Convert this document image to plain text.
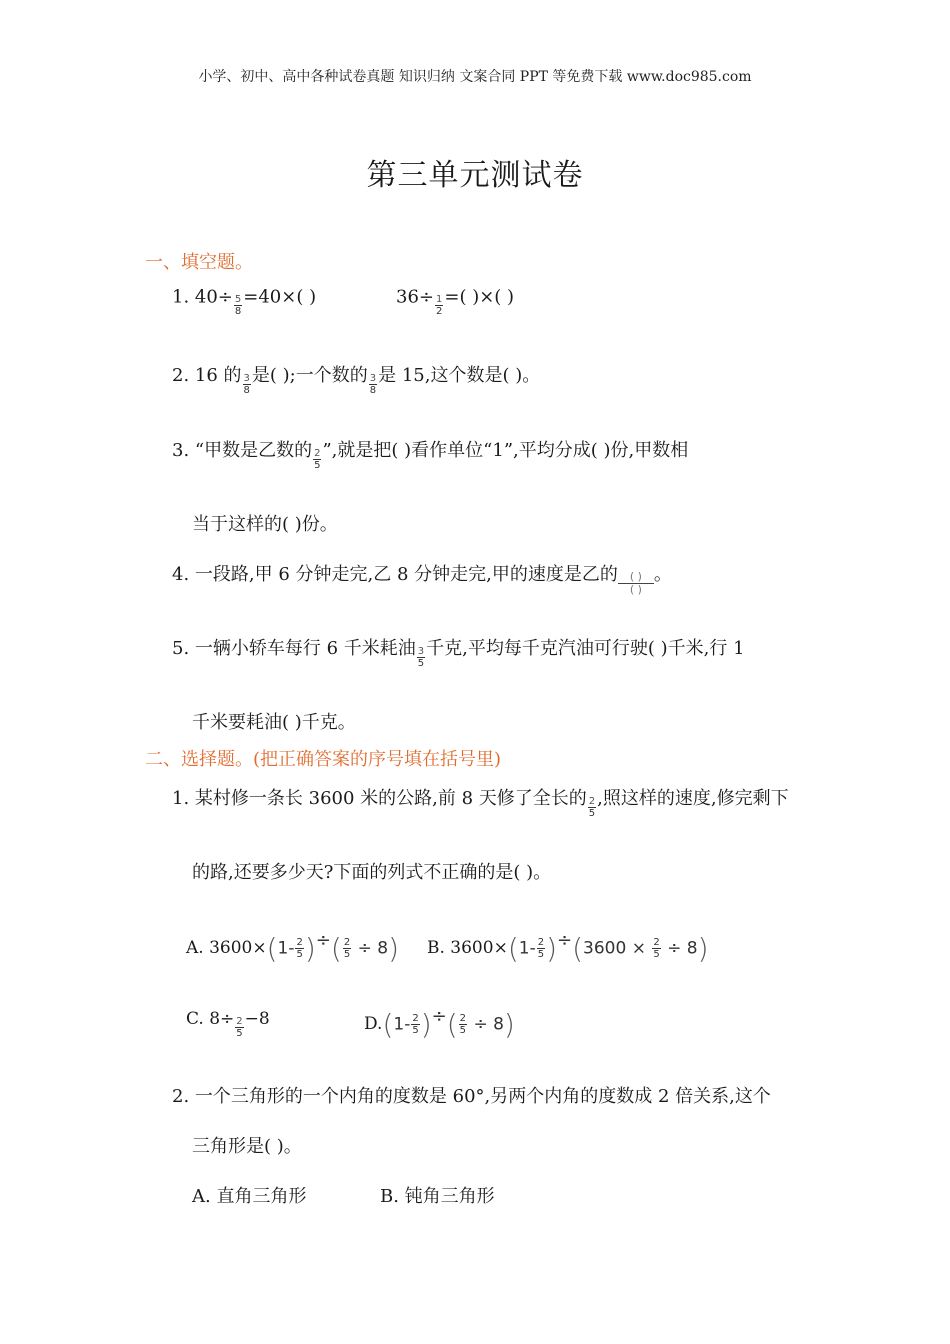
小学、初中、高中各种试卷真题 知识归纳 文案合同 PPT 等免费下载 www.doc985.com
第三单元测试卷
一、填空题。
1. $40\div \frac{5}{8} =40\times$( )	$36\div \frac{1}{2}$ =( )×( )
2. 16 的 $\frac{3}{8}$ 是( );一个数的 $\frac{3}{8}$ 是 15,这个数是( )。
3. “甲数是乙数的 $\frac{2}{5}$ ”,就是把( )看作单位“1”,平均分成( )份,甲数相
当于这样的( )份。
4. 一段路,甲 6 分钟走完,乙 8 分钟走完,甲的速度是乙的 $\frac{( )}{( )}$。
5. 一辆小轿车每行 6 千米耗油 $\frac{3}{5}$ 千克,平均每千克汽油可行驶( )千米,行 1
千米要耗油( )千克。
二、选择题。(把正确答案的序号填在括号里)
1. 某村修一条长 3600 米的公路,前 8 天修了全长的 $\frac{2}{5}$ ,照这样的速度,修完剩下
的路,还要多少天?下面的列式不正确的是( )。
A. $3600\times(1- \frac{2}{5}$ )÷( $\frac{2}{5} \div 8$) B. $3600\times(1- \frac{2}{5} )\div(3600 \times \frac{2}{5} \div 8)$
C. $8\div \frac{2}{5} -8$	$D.(1- \frac{2}{5}$ )÷( $\frac{2}{5} \div 8$)
2. 一个三角形的一个内角的度数是 60°,另两个内角的度数成 2 倍关系,这个
三角形是( )。
A. 直角三角形	B. 钝角三角形
